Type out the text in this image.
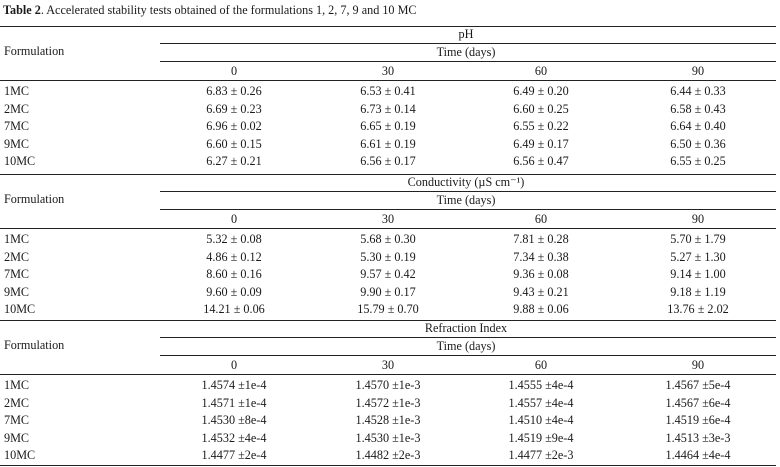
Table 2. Accelerated stability tests obtained of the formulations 1, 2, 7, 9 and 10 MC
pH
Time (days)
Formulation
0	30	60	90
1MC	6.83 ± 0.26	6.53 ± 0.41	6.49 ± 0.20	6.44 ± 0.33
2MC	6.69 ± 0.23	6.73 ± 0.14	6.60 ± 0.25	6.58 ± 0.43
7MC	6.96 ± 0.02	6.65 ± 0.19	6.55 ± 0.22	6.64 ± 0.40
9MC	6.60 ± 0.15	6.61 ± 0.19	6.49 ± 0.17	6.50 ± 0.36
10MC	6.27 ± 0.21	6.56 ± 0.17	6.56 ± 0.47	6.55 ± 0.25
Conductivity (µS cm⁻¹)
Time (days)
Formulation
0	30	60	90
1MC	5.32 ± 0.08	5.68 ± 0.30	7.81 ± 0.28	5.70 ± 1.79
2MC	4.86 ± 0.12	5.30 ± 0.19	7.34 ± 0.38	5.27 ± 1.30
7MC	8.60 ± 0.16	9.57 ± 0.42	9.36 ± 0.08	9.14 ± 1.00
9MC	9.60 ± 0.09	9.90 ± 0.17	9.43 ± 0.21	9.18 ± 1.19
10MC	14.21 ± 0.06	15.79 ± 0.70	9.88 ± 0.06	13.76 ± 2.02
Refraction Index
Time (days)
Formulation
0	30	60	90
1MC	1.4574 ±1e-4	1.4570 ±1e-3	1.4555 ±4e-4	1.4567 ±5e-4
2MC	1.4571 ±1e-4	1.4572 ±1e-3	1.4557 ±4e-4	1.4567 ±6e-4
7MC	1.4530 ±8e-4	1.4528 ±1e-3	1.4510 ±4e-4	1.4519 ±6e-4
9MC	1.4532 ±4e-4	1.4530 ±1e-3	1.4519 ±9e-4	1.4513 ±3e-3
10MC	1.4477 ±2e-4	1.4482 ±2e-3	1.4477 ±2e-3	1.4464 ±4e-4
